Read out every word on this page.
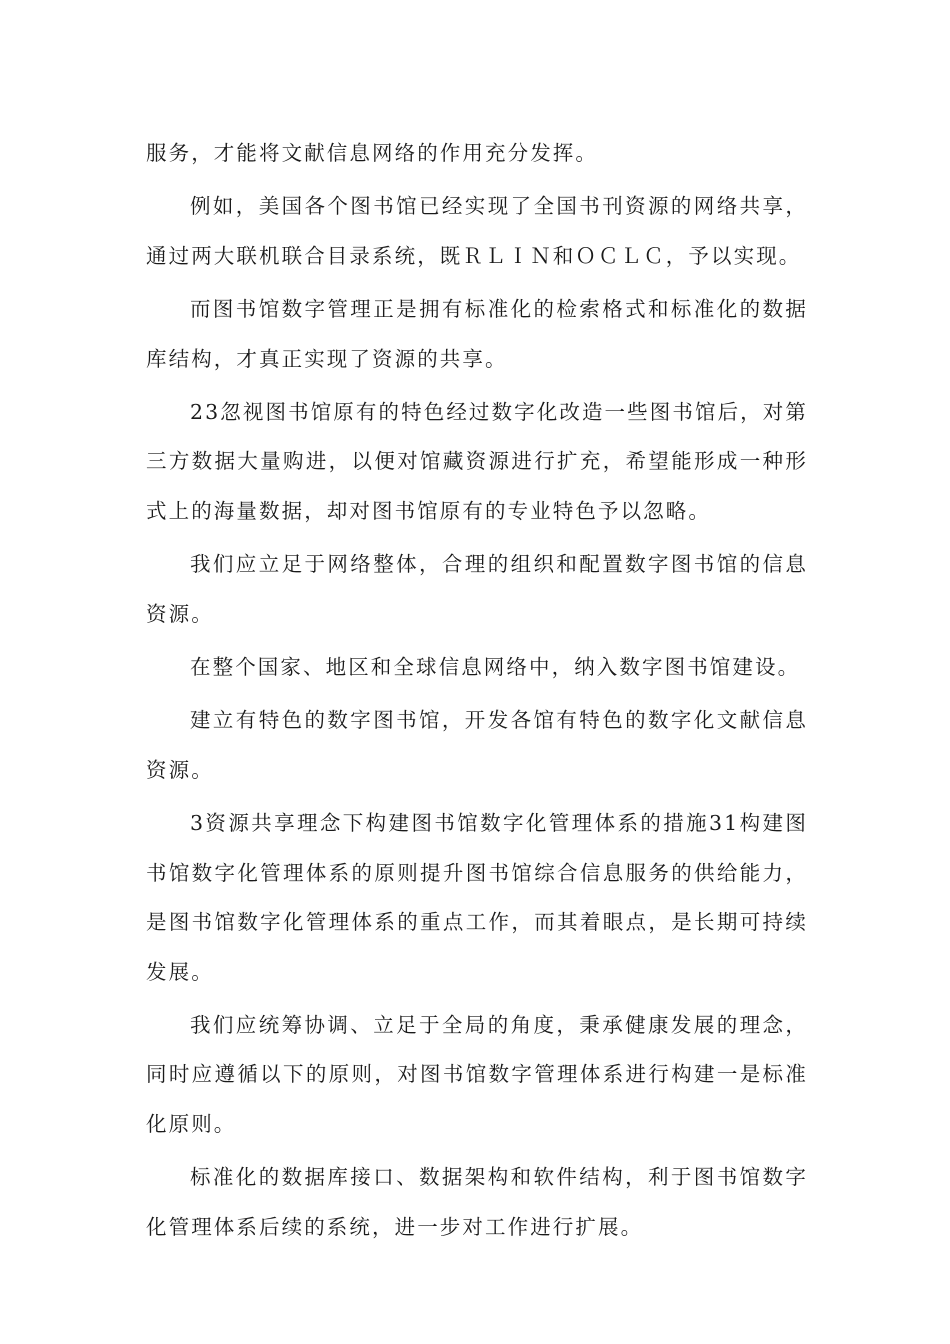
服务，才能将文献信息网络的作用充分发挥。

例如，美国各个图书馆已经实现了全国书刊资源的网络共享，通过两大联机联合目录系统，既ＲＬＩＮ和ＯＣＬＣ，予以实现。

而图书馆数字管理正是拥有标准化的检索格式和标准化的数据库结构，才真正实现了资源的共享。

23忽视图书馆原有的特色经过数字化改造一些图书馆后，对第三方数据大量购进，以便对馆藏资源进行扩充，希望能形成一种形式上的海量数据，却对图书馆原有的专业特色予以忽略。

我们应立足于网络整体，合理的组织和配置数字图书馆的信息资源。

在整个国家、地区和全球信息网络中，纳入数字图书馆建设。

建立有特色的数字图书馆，开发各馆有特色的数字化文献信息资源。

3资源共享理念下构建图书馆数字化管理体系的措施31构建图书馆数字化管理体系的原则提升图书馆综合信息服务的供给能力，是图书馆数字化管理体系的重点工作，而其着眼点，是长期可持续发展。

我们应统筹协调、立足于全局的角度，秉承健康发展的理念，同时应遵循以下的原则，对图书馆数字管理体系进行构建一是标准化原则。

标准化的数据库接口、数据架构和软件结构，利于图书馆数字化管理体系后续的系统，进一步对工作进行扩展。
